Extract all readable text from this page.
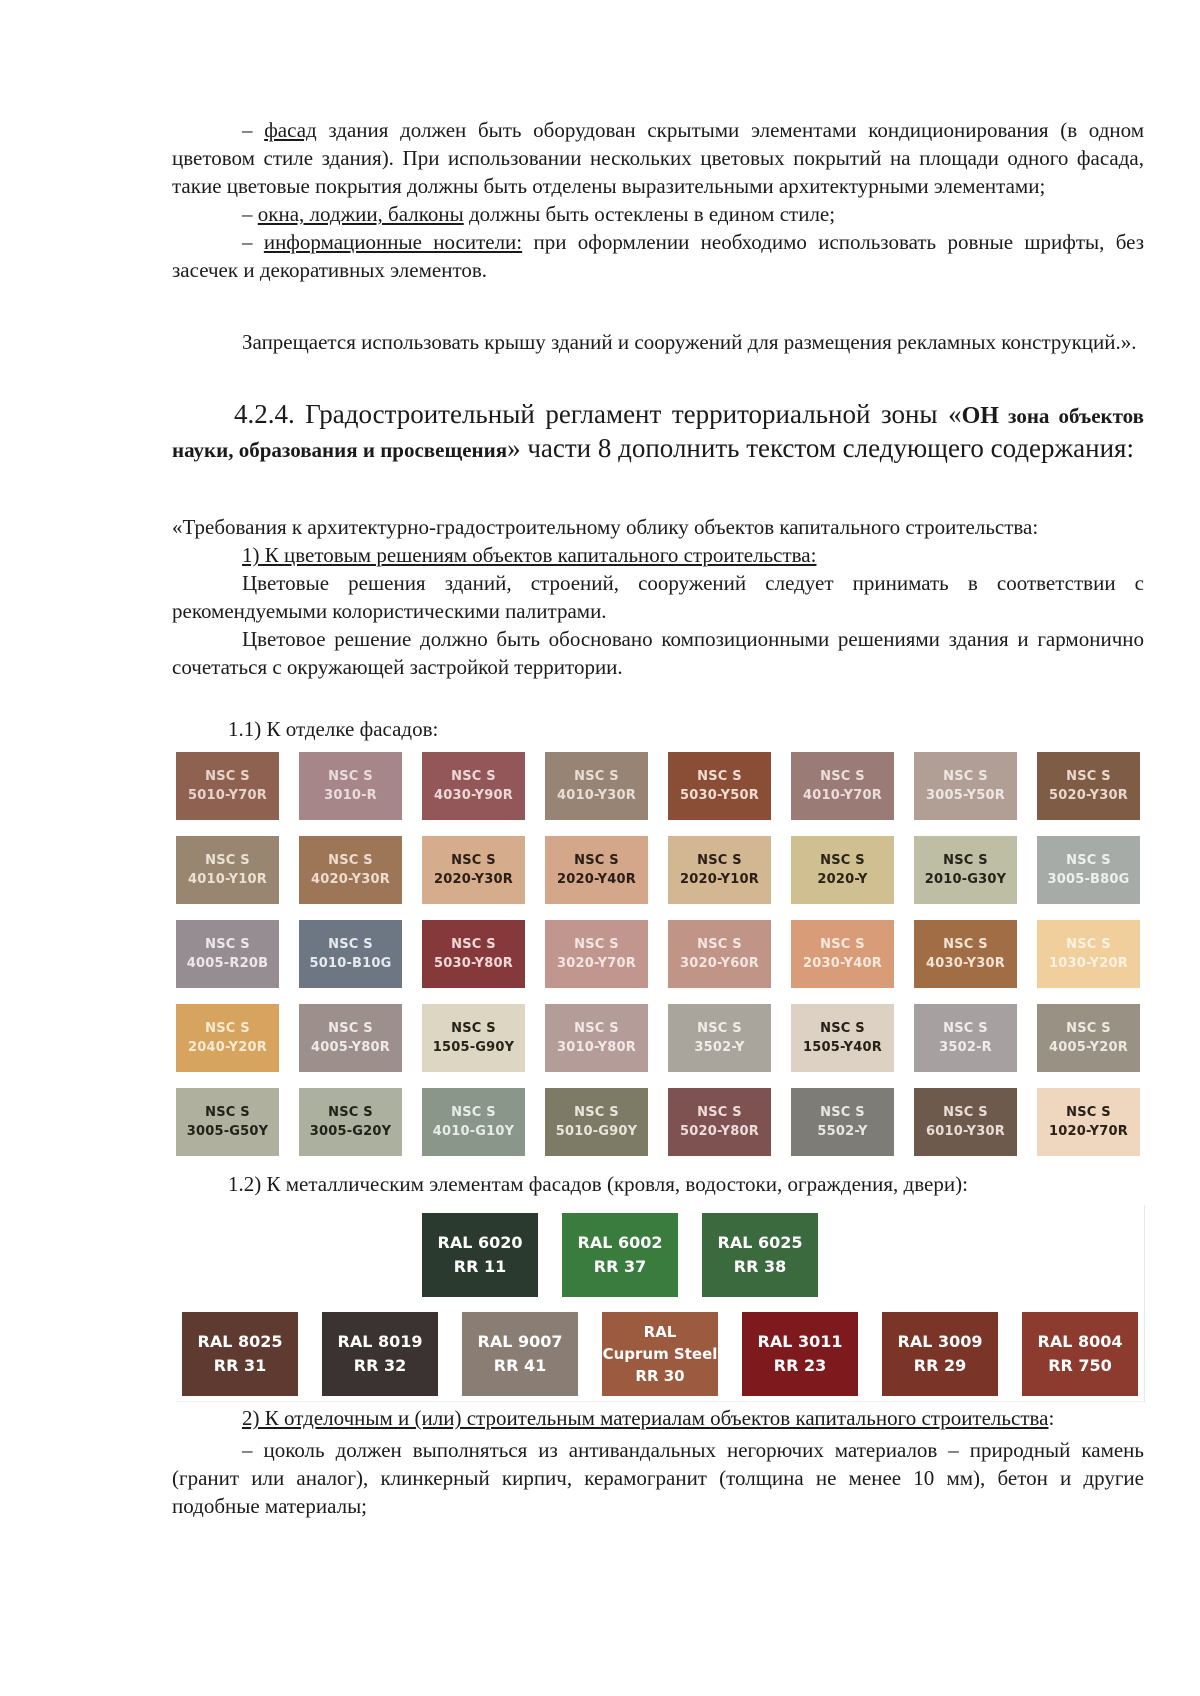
– фасад здания должен быть оборудован скрытыми элементами кондиционирования (в одном цветовом стиле здания). При использовании нескольких цветовых покрытий на площади одного фасада, такие цветовые покрытия должны быть отделены выразительными архитектурными элементами;

– окна, лоджии, балконы должны быть остеклены в едином стиле;

– информационные носители: при оформлении необходимо использовать ровные шрифты, без засечек и декоративных элементов.

Запрещается использовать крышу зданий и сооружений для размещения рекламных конструкций.».

4.2.4. Градостроительный регламент территориальной зоны «ОН зона объектов науки, образования и просвещения» части 8 дополнить текстом следующего содержания:

«Требования к архитектурно-градостроительному облику объектов капитального строительства:

1) К цветовым решениям объектов капитального строительства:

Цветовые решения зданий, строений, сооружений следует принимать в соответствии с рекомендуемыми колористическими палитрами.

Цветовое решение должно быть обосновано композиционными решениями здания и гармонично сочетаться с окружающей застройкой территории.

1.1) К отделке фасадов:

NSC S
5010-Y70R
NSC S
3010-R
NSC S
4030-Y90R
NSC S
4010-Y30R
NSC S
5030-Y50R
NSC S
4010-Y70R
NSC S
3005-Y50R
NSC S
5020-Y30R
NSC S
4010-Y10R
NSC S
4020-Y30R
NSC S
2020-Y30R
NSC S
2020-Y40R
NSC S
2020-Y10R
NSC S
2020-Y
NSC S
2010-G30Y
NSC S
3005-B80G
NSC S
4005-R20B
NSC S
5010-B10G
NSC S
5030-Y80R
NSC S
3020-Y70R
NSC S
3020-Y60R
NSC S
2030-Y40R
NSC S
4030-Y30R
NSC S
1030-Y20R
NSC S
2040-Y20R
NSC S
4005-Y80R
NSC S
1505-G90Y
NSC S
3010-Y80R
NSC S
3502-Y
NSC S
1505-Y40R
NSC S
3502-R
NSC S
4005-Y20R
NSC S
3005-G50Y
NSC S
3005-G20Y
NSC S
4010-G10Y
NSC S
5010-G90Y
NSC S
5020-Y80R
NSC S
5502-Y
NSC S
6010-Y30R
NSC S
1020-Y70R

1.2) К металлическим элементам фасадов (кровля, водостоки, ограждения, двери):

RAL 6020
RR 11
RAL 6002
RR 37
RAL 6025
RR 38
RAL 8025
RR 31
RAL 8019
RR 32
RAL 9007
RR 41
RAL
Cuprum Steel
RR 30
RAL 3011
RR 23
RAL 3009
RR 29
RAL 8004
RR 750

2) К отделочным и (или) строительным материалам объектов капитального строительства:

– цоколь должен выполняться из антивандальных негорючих материалов – природный камень (гранит или аналог), клинкерный кирпич, керамогранит (толщина не менее 10 мм), бетон и другие подобные материалы;
